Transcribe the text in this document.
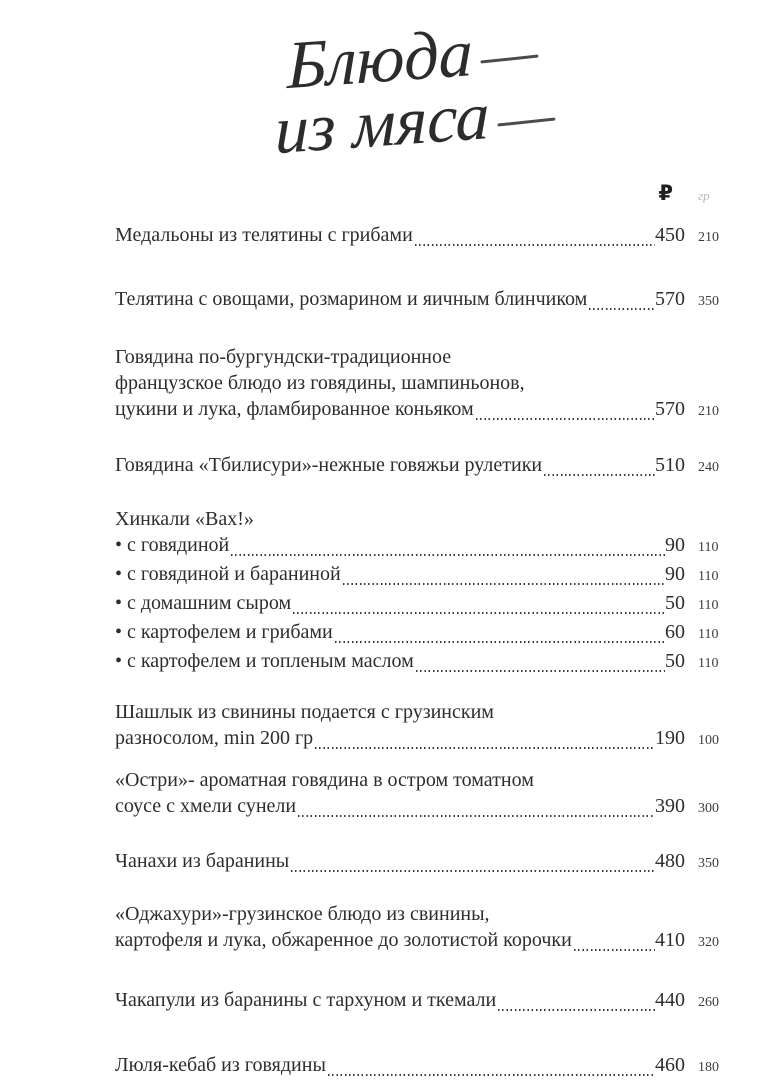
Блюда
из мяса
₽	гр
Медальоны из телятины с грибами	450 210
Телятина с овощами, розмарином и яичным блинчиком	570 350
Говядина по-бургундски-традиционное
французское блюдо из говядины, шампиньонов,
цукини и лука, фламбированное коньяком	570 210
Говядина «Тбилисури»-нежные говяжьи рулетики	510 240
Хинкали «Вах!»
• с говядиной	90 110
• с говядиной и бараниной	90 110
• с домашним сыром	50 110
• с картофелем и грибами	60 110
• с картофелем и топленым маслом	50 110
Шашлык из свинины подается с грузинским
разносолом, min 200 гр	190 100
«Остри»- ароматная говядина в остром томатном
соусе с хмели сунели	390 300
Чанахи из баранины	480 350
«Оджахури»-грузинское блюдо из свинины,
картофеля и лука, обжаренное до золотистой корочки	410 320
Чакапули из баранины с тархуном и ткемали	440 260
Люля-кебаб из говядины	460 180
